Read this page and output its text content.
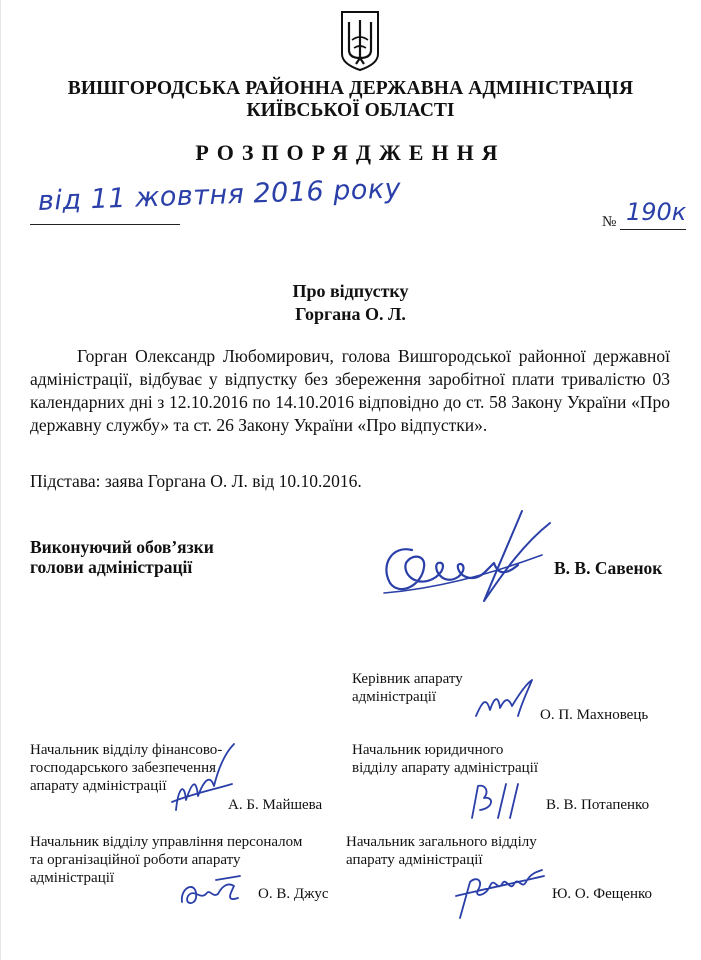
ВИШГОРОДСЬКА РАЙОННА ДЕРЖАВНА АДМІНІСТРАЦІЯ
КИЇВСЬКОЇ ОБЛАСТІ
РОЗПОРЯДЖЕННЯ
від 11 жовтня 2016 року
№ 190к
Про відпустку
Горгана О. Л.
Горган Олександр Любомирович, голова Вишгородської районної державної адміністрації, відбуває у відпустку без збереження заробітної плати тривалістю 03 календарних дні з 12.10.2016 по 14.10.2016 відповідно до ст. 58 Закону України «Про державну службу» та ст. 26 Закону України «Про відпустки».
Підстава: заява Горгана О. Л. від 10.10.2016.
Виконуючий обов’язки
голови адміністрації	В. В. Савенок
Керівник апарату
адміністрації
О. П. Махновець
Начальник відділу фінансово-
господарського забезпечення
апарату адміністрації
А. Б. Майшева
Начальник юридичного
відділу апарату адміністрації
В. В. Потапенко
Начальник відділу управління персоналом
та організаційної роботи апарату
адміністрації
О. В. Джус
Начальник загального відділу
апарату адміністрації
Ю. О. Фещенко
